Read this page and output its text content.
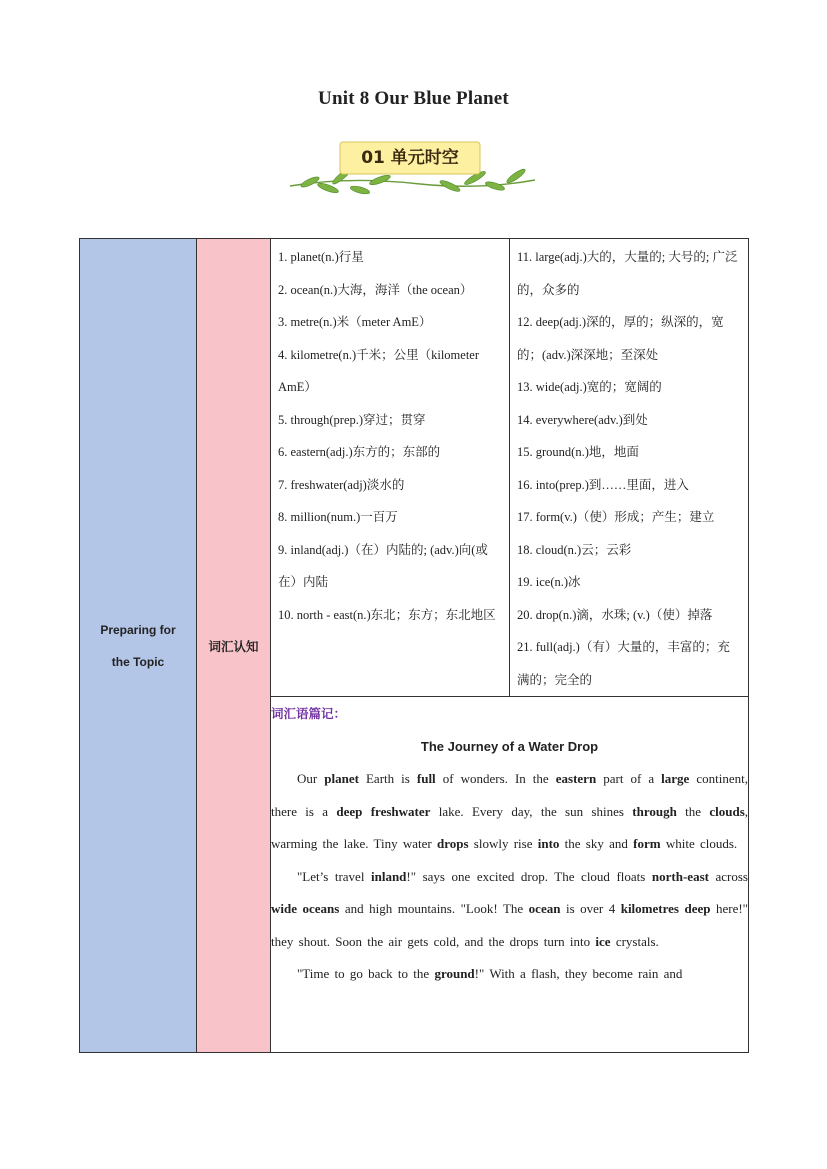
Unit 8 Our Blue Planet
01 单元时空
Preparing for
the Topic
	词汇认知	
1. planet(n.)行星
2. ocean(n.)大海，海洋（the ocean）
3. metre(n.)米（meter AmE）
4. kilometre(n.)千米；公里（kilometer AmE）
5. through(prep.)穿过；贯穿
6. eastern(adj.)东方的；东部的
7. freshwater(adj)淡水的
8. million(num.)一百万
9. inland(adj.)（在）内陆的; (adv.)向(或在）内陆
10. north - east(n.)东北；东方；东北地区

11. large(adj.)大的，大量的; 大号的; 广泛的，众多的
12. deep(adj.)深的，厚的；纵深的，宽的；(adv.)深深地；至深处
13. wide(adj.)宽的；宽阔的
14. everywhere(adv.)到处
15. ground(n.)地，地面
16. into(prep.)到……里面，进入
17. form(v.)（使）形成；产生；建立
18. cloud(n.)云；云彩
19. ice(n.)冰
20. drop(n.)滴，水珠; (v.)（使）掉落
21. full(adj.)（有）大量的，丰富的；充满的；完全的

词汇语篇记：
The Journey of a Water Drop

Our planet Earth is full of wonders. In the eastern part of a large continent, there is a deep freshwater lake. Every day, the sun shines through the clouds, warming the lake. Tiny water drops slowly rise into the sky and form white clouds.

"Let’s travel inland!" says one excited drop. The cloud floats north-east across wide oceans and high mountains. "Look! The ocean is over 4 kilometres deep here!" they shout. Soon the air gets cold, and the drops turn into ice crystals.

"Time to go back to the ground!" With a flash, they become rain and
